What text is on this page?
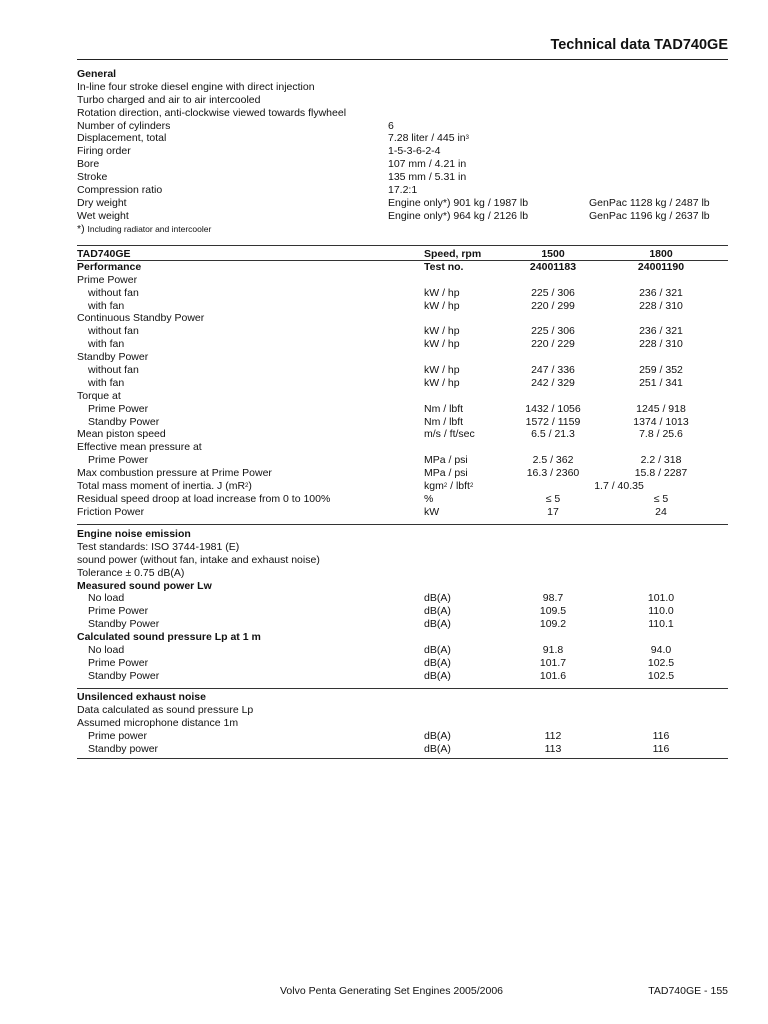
Technical data TAD740GE
General
In-line four stroke diesel engine with direct injection
Turbo charged and air to air intercooled
Rotation direction, anti-clockwise viewed towards flywheel
Number of cylinders	6
Displacement, total	7.28 liter / 445 $in^3$
Firing order	1-5-3-6-2-4
Bore	107 mm / 4.21 in
Stroke	135 mm / 5.31 in
Compression ratio	17.2:1
Dry weight	Engine only*) 901 kg / 1987 lb	GenPac 1128 kg / 2487 lb
Wet weight	Engine only*) 964 kg / 2126 lb	GenPac 1196 kg / 2637 lb
*) Including radiator and intercooler
TAD740GE	Speed, rpm	1500	1800
Performance	Test no.	24001183	24001190
Prime Power
without fan	kW / hp	225 / 306	236 / 321
with fan	kW / hp	220 / 299	228 / 310
Continuous Standby Power
without fan	kW / hp	225 / 306	236 / 321
with fan	kW / hp	220 / 229	228 / 310
Standby Power
without fan	kW / hp	247 / 336	259 / 352
with fan	kW / hp	242 / 329	251 / 341
Torque at
Prime Power	Nm / lbft	1432 / 1056	1245 / 918
Standby Power	Nm / lbft	1572 / 1159	1374 / 1013
Mean piston speed	m/s / ft/sec	6.5 / 21.3	7.8 / 25.6
Effective mean pressure at
Prime Power	MPa / psi	2.5 / 362	2.2 / 318
Max combustion pressure at Prime Power	MPa / psi	16.3 / 2360	15.8 / 2287
Total mass moment of inertia. J $(mR^2)$	kgm$^2$ / lbft$^2$	1.7 / 40.35
Residual speed droop at load increase from 0 to 100%	%	≤ 5	≤ 5
Friction Power	kW	17	24
Engine noise emission
Test standards: ISO 3744-1981 (E)
sound power (without fan, intake and exhaust noise)
Tolerance ± 0.75 dB(A)
Measured sound power Lw
No load	dB(A)	98.7	101.0
Prime Power	dB(A)	109.5	110.0
Standby Power	dB(A)	109.2	110.1
Calculated sound pressure Lp at 1 m
No load	dB(A)	91.8	94.0
Prime Power	dB(A)	101.7	102.5
Standby Power	dB(A)	101.6	102.5
Unsilenced exhaust noise
Data calculated as sound pressure Lp
Assumed microphone distance 1m
Prime power	dB(A)	112	116
Standby power	dB(A)	113	116
Volvo Penta Generating Set Engines 2005/2006	TAD740GE - 155
